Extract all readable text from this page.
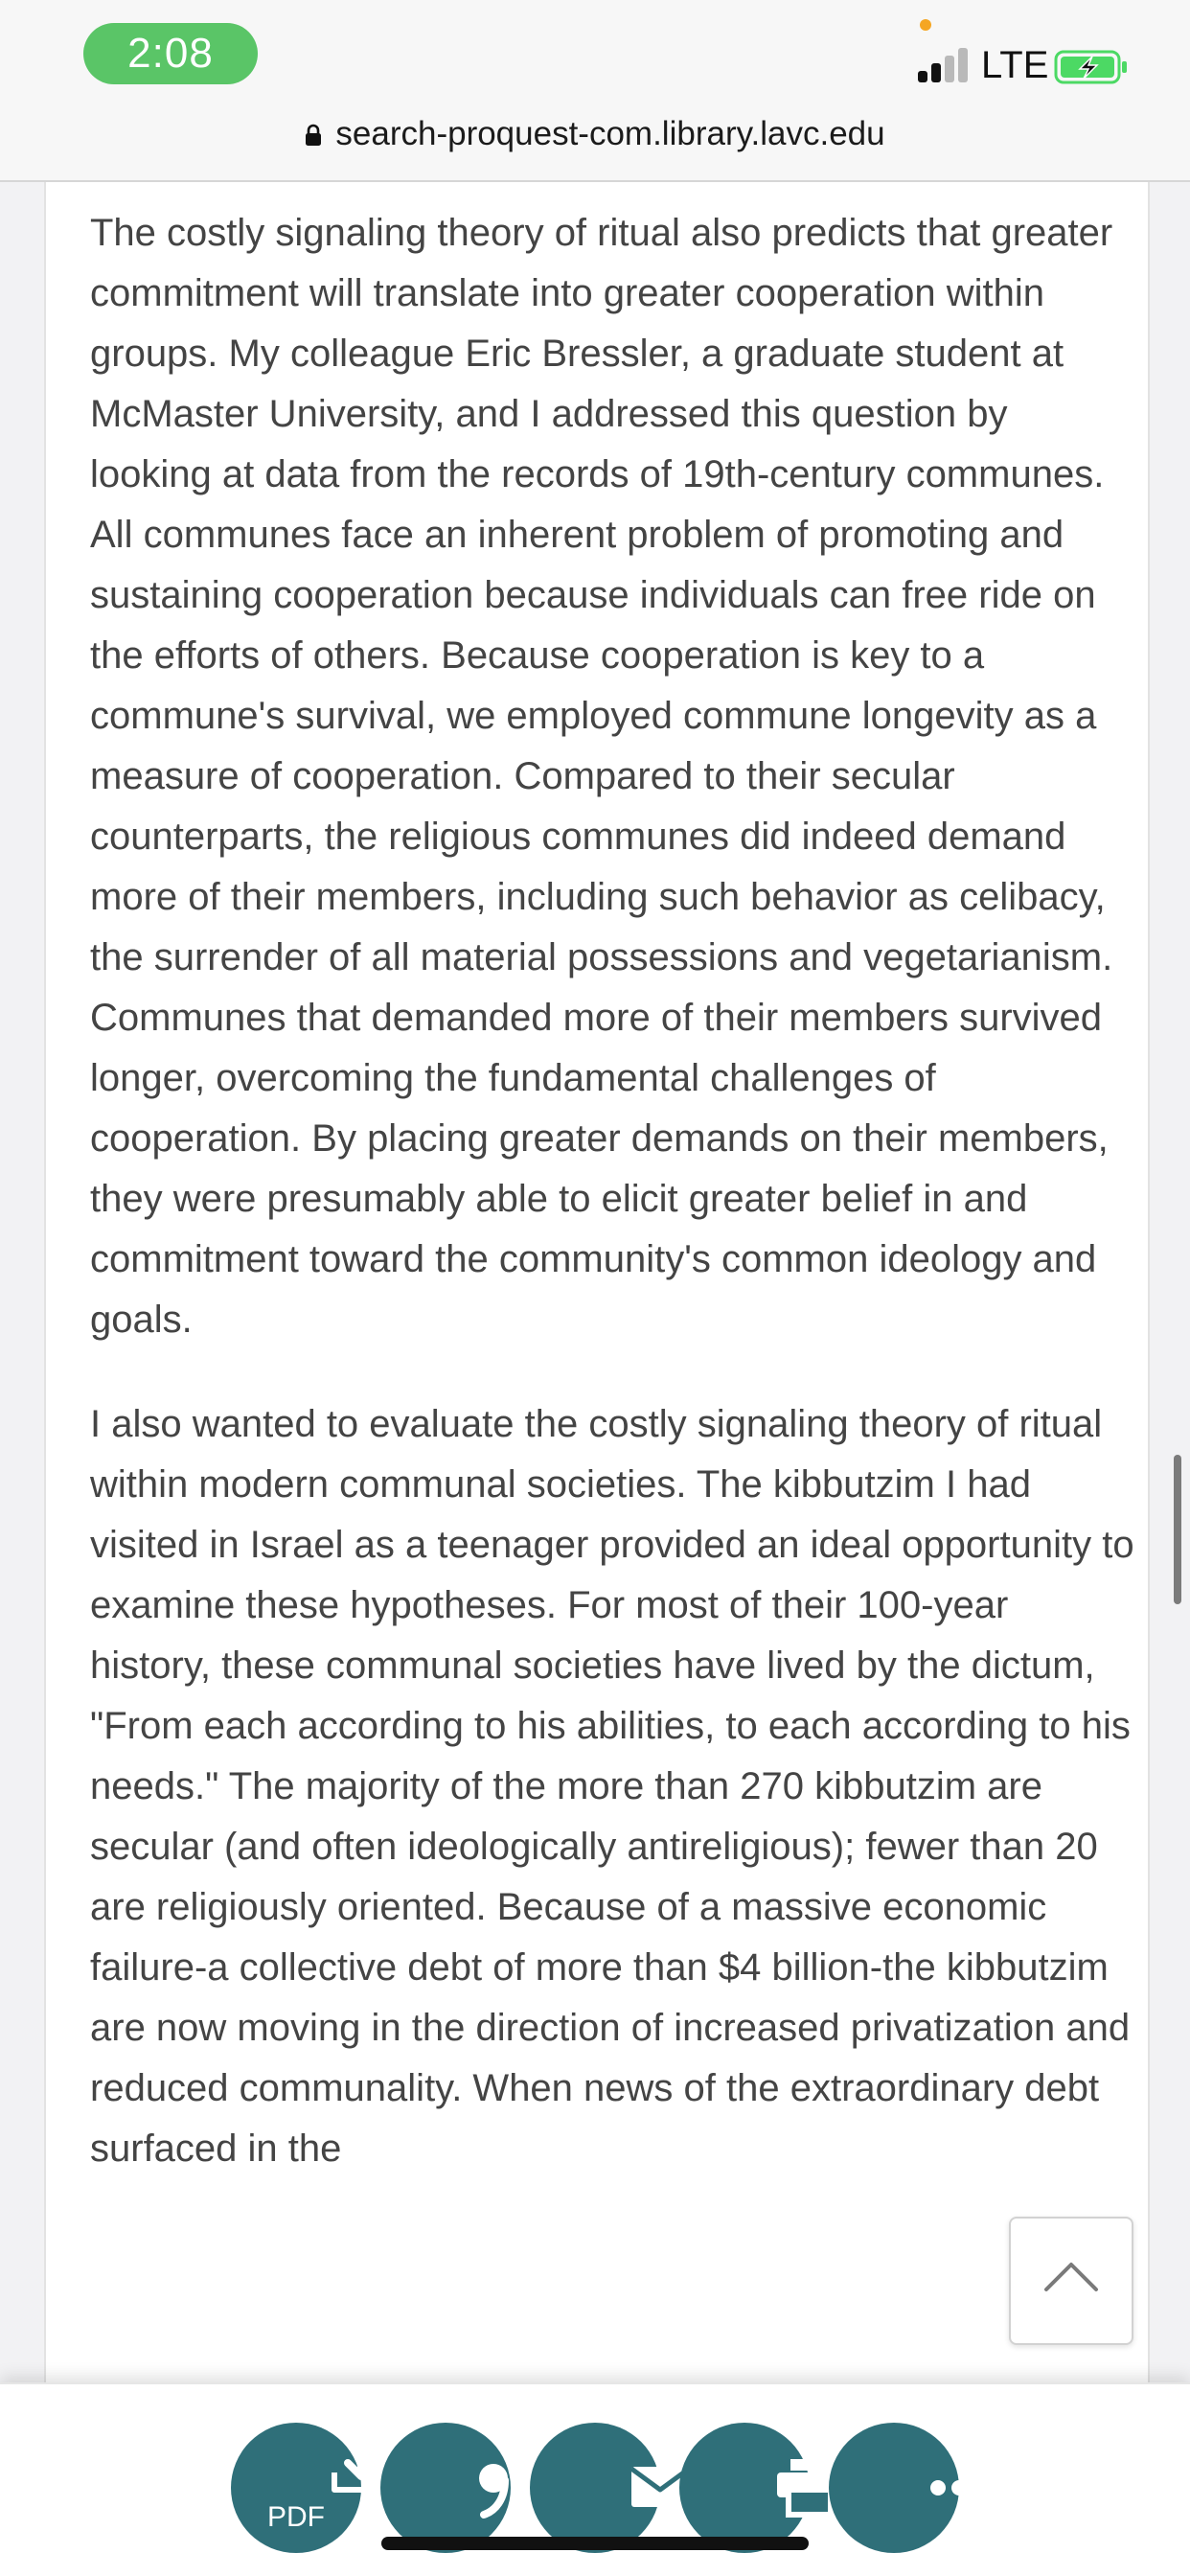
2:08	LTE
search-proquest-com.library.lavc.edu

The costly signaling theory of ritual also predicts that greater commitment will translate into greater cooperation within groups. My colleague Eric Bressler, a graduate student at McMaster University, and I addressed this question by looking at data from the records of 19th-century communes. All communes face an inherent problem of promoting and sustaining cooperation because individuals can free ride on the efforts of others. Because cooperation is key to a commune's survival, we employed commune longevity as a measure of cooperation. Compared to their secular counterparts, the religious communes did indeed demand more of their members, including such behavior as celibacy, the surrender of all material possessions and vegetarianism. Communes that demanded more of their members survived longer, overcoming the fundamental challenges of cooperation. By placing greater demands on their members, they were presumably able to elicit greater belief in and commitment toward the community's common ideology and goals.

I also wanted to evaluate the costly signaling theory of ritual within modern communal societies. The kibbutzim I had visited in Israel as a teenager provided an ideal opportunity to examine these hypotheses. For most of their 100-year history, these communal societies have lived by the dictum, "From each according to his abilities, to each according to his needs." The majority of the more than 270 kibbutzim are secular (and often ideologically antireligious); fewer than 20 are religiously oriented. Because of a massive economic failure-a collective debt of more than $4 billion-the kibbutzim are now moving in the direction of increased privatization and reduced communality. When news of the extraordinary debt surfaced in the

PDF
